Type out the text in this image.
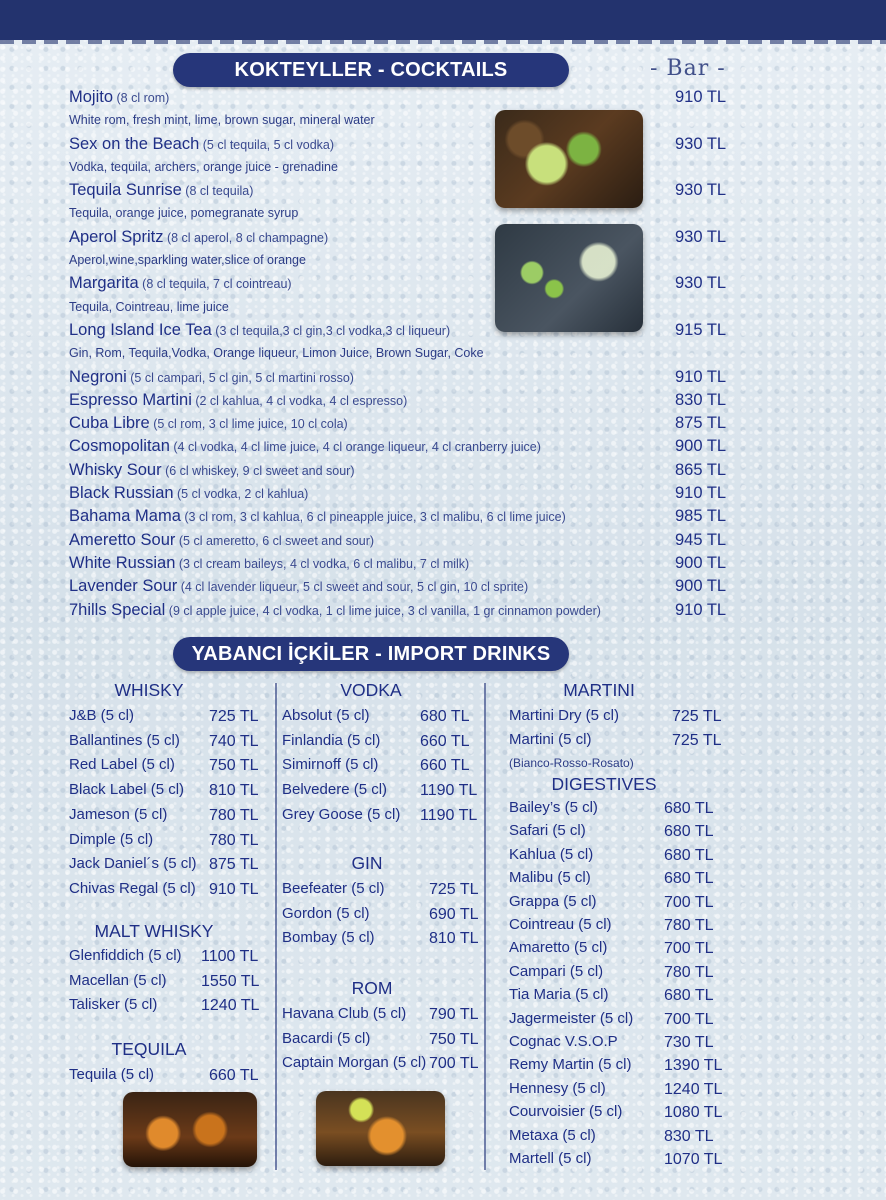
KOKTEYLLER - COCKTAILS	- Bar -
Mojito (8 cl rom)	910 TL
White rom, fresh mint, lime, brown sugar, mineral water
Sex on the Beach (5 cl tequila, 5 cl vodka)	930 TL
Vodka, tequila, archers, orange juice - grenadine
Tequila Sunrise (8 cl tequila)	930 TL
Tequila, orange juice, pomegranate syrup
Aperol Spritz (8 cl aperol, 8 cl champagne)	930 TL
Aperol,wine,sparkling water,slice of orange
Margarita (8 cl tequila, 7 cl cointreau)	930 TL
Tequila, Cointreau, lime juice
Long Island Ice Tea (3 cl tequila,3 cl gin,3 cl vodka,3 cl liqueur)	915 TL
Gin, Rom, Tequila,Vodka, Orange liqueur, Limon Juice, Brown Sugar, Coke
Negroni (5 cl campari, 5 cl gin, 5 cl martini rosso)	910 TL
Espresso Martini (2 cl kahlua, 4 cl vodka, 4 cl espresso)	830 TL
Cuba Libre (5 cl rom, 3 cl lime juice, 10 cl cola)	875 TL
Cosmopolitan (4 cl vodka, 4 cl lime juice, 4 cl orange liqueur, 4 cl cranberry juice)	900 TL
Whisky Sour (6 cl whiskey, 9 cl sweet and sour)	865 TL
Black Russian (5 cl vodka, 2 cl kahlua)	910 TL
Bahama Mama (3 cl rom, 3 cl kahlua, 6 cl pineapple juice, 3 cl malibu, 6 cl lime juice)	985 TL
Ameretto Sour (5 cl ameretto, 6 cl sweet and sour)	945 TL
White Russian (3 cl cream baileys, 4 cl vodka, 6 cl malibu, 7 cl milk)	900 TL
Lavender Sour (4 cl lavender liqueur, 5 cl sweet and sour, 5 cl gin, 10 cl sprite)	900 TL
7hills Special (9 cl apple juice, 4 cl vodka, 1 cl lime juice, 3 cl vanilla, 1 gr cinnamon powder)	910 TL
YABANCI İÇKİLER - IMPORT DRINKS
WHISKY
J&B (5 cl)	725 TL
Ballantines (5 cl) 740 TL
Red Label (5 cl) 750 TL
Black Label (5 cl) 810 TL
Jameson (5 cl)	780 TL
Dimple (5 cl)	780 TL
Jack Daniel´s (5 cl) 875 TL
Chivas Regal (5 cl) 910 TL
MALT WHISKY
Glenfiddich (5 cl) 1100 TL
Macellan (5 cl) 1550 TL
Talisker (5 cl)	1240 TL
TEQUILA
Tequila (5 cl)	660 TL
VODKA
Absolut (5 cl)	680 TL
Finlandia (5 cl) 660 TL
Simirnoff (5 cl)	660 TL
Belvedere (5 cl) 1190 TL
Grey Goose (5 cl) 1190 TL
GIN
Beefeater (5 cl)	725 TL
Gordon (5 cl)	690 TL
Bombay (5 cl)	810 TL
ROM
Havana Club (5 cl) 790 TL
Bacardi (5 cl)	750 TL
Captain Morgan (5 cl) 700 TL
MARTINI
Martini Dry (5 cl)	725 TL
Martini (5 cl)	725 TL
(Bianco-Rosso-Rosato)
DIGESTIVES
Bailey’s (5 cl)	680 TL
Safari (5 cl)	680 TL
Kahlua (5 cl)	680 TL
Malibu (5 cl)	680 TL
Grappa (5 cl)	700 TL
Cointreau (5 cl)	780 TL
Amaretto (5 cl)	700 TL
Campari (5 cl)	780 TL
Tia Maria (5 cl)	680 TL
Jagermeister (5 cl) 700 TL
Cognac V.S.O.P	730 TL
Remy Martin (5 cl) 1390 TL
Hennesy (5 cl)	1240 TL
Courvoisier (5 cl)	1080 TL
Metaxa (5 cl)	830 TL
Martell (5 cl)	1070 TL
